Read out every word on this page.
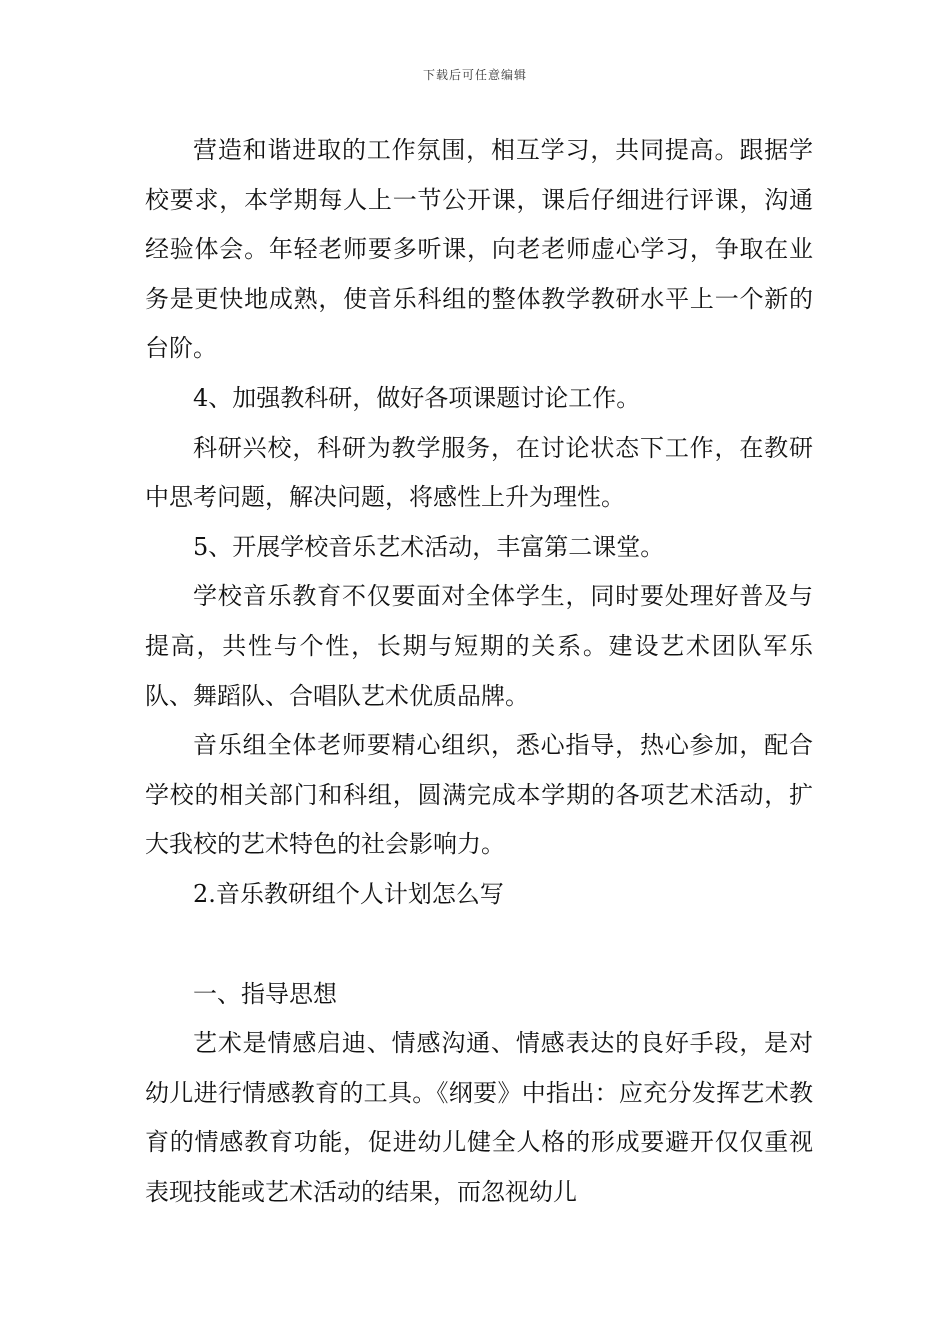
下载后可任意编辑

营造和谐进取的工作氛围，相互学习，共同提高。跟据学校要求，本学期每人上一节公开课，课后仔细进行评课，沟通经验体会。年轻老师要多听课，向老老师虚心学习，争取在业务是更快地成熟，使音乐科组的整体教学教研水平上一个新的台阶。

4、加强教科研，做好各项课题讨论工作。

科研兴校，科研为教学服务，在讨论状态下工作，在教研中思考问题，解决问题，将感性上升为理性。

5、开展学校音乐艺术活动，丰富第二课堂。

学校音乐教育不仅要面对全体学生，同时要处理好普及与提高，共性与个性，长期与短期的关系。建设艺术团队军乐队、舞蹈队、合唱队艺术优质品牌。

音乐组全体老师要精心组织，悉心指导，热心参加，配合学校的相关部门和科组，圆满完成本学期的各项艺术活动，扩大我校的艺术特色的社会影响力。

2.音乐教研组个人计划怎么写

一、指导思想

艺术是情感启迪、情感沟通、情感表达的良好手段，是对幼儿进行情感教育的工具。《纲要》中指出：应充分发挥艺术教育的情感教育功能，促进幼儿健全人格的形成要避开仅仅重视表现技能或艺术活动的结果，而忽视幼儿
